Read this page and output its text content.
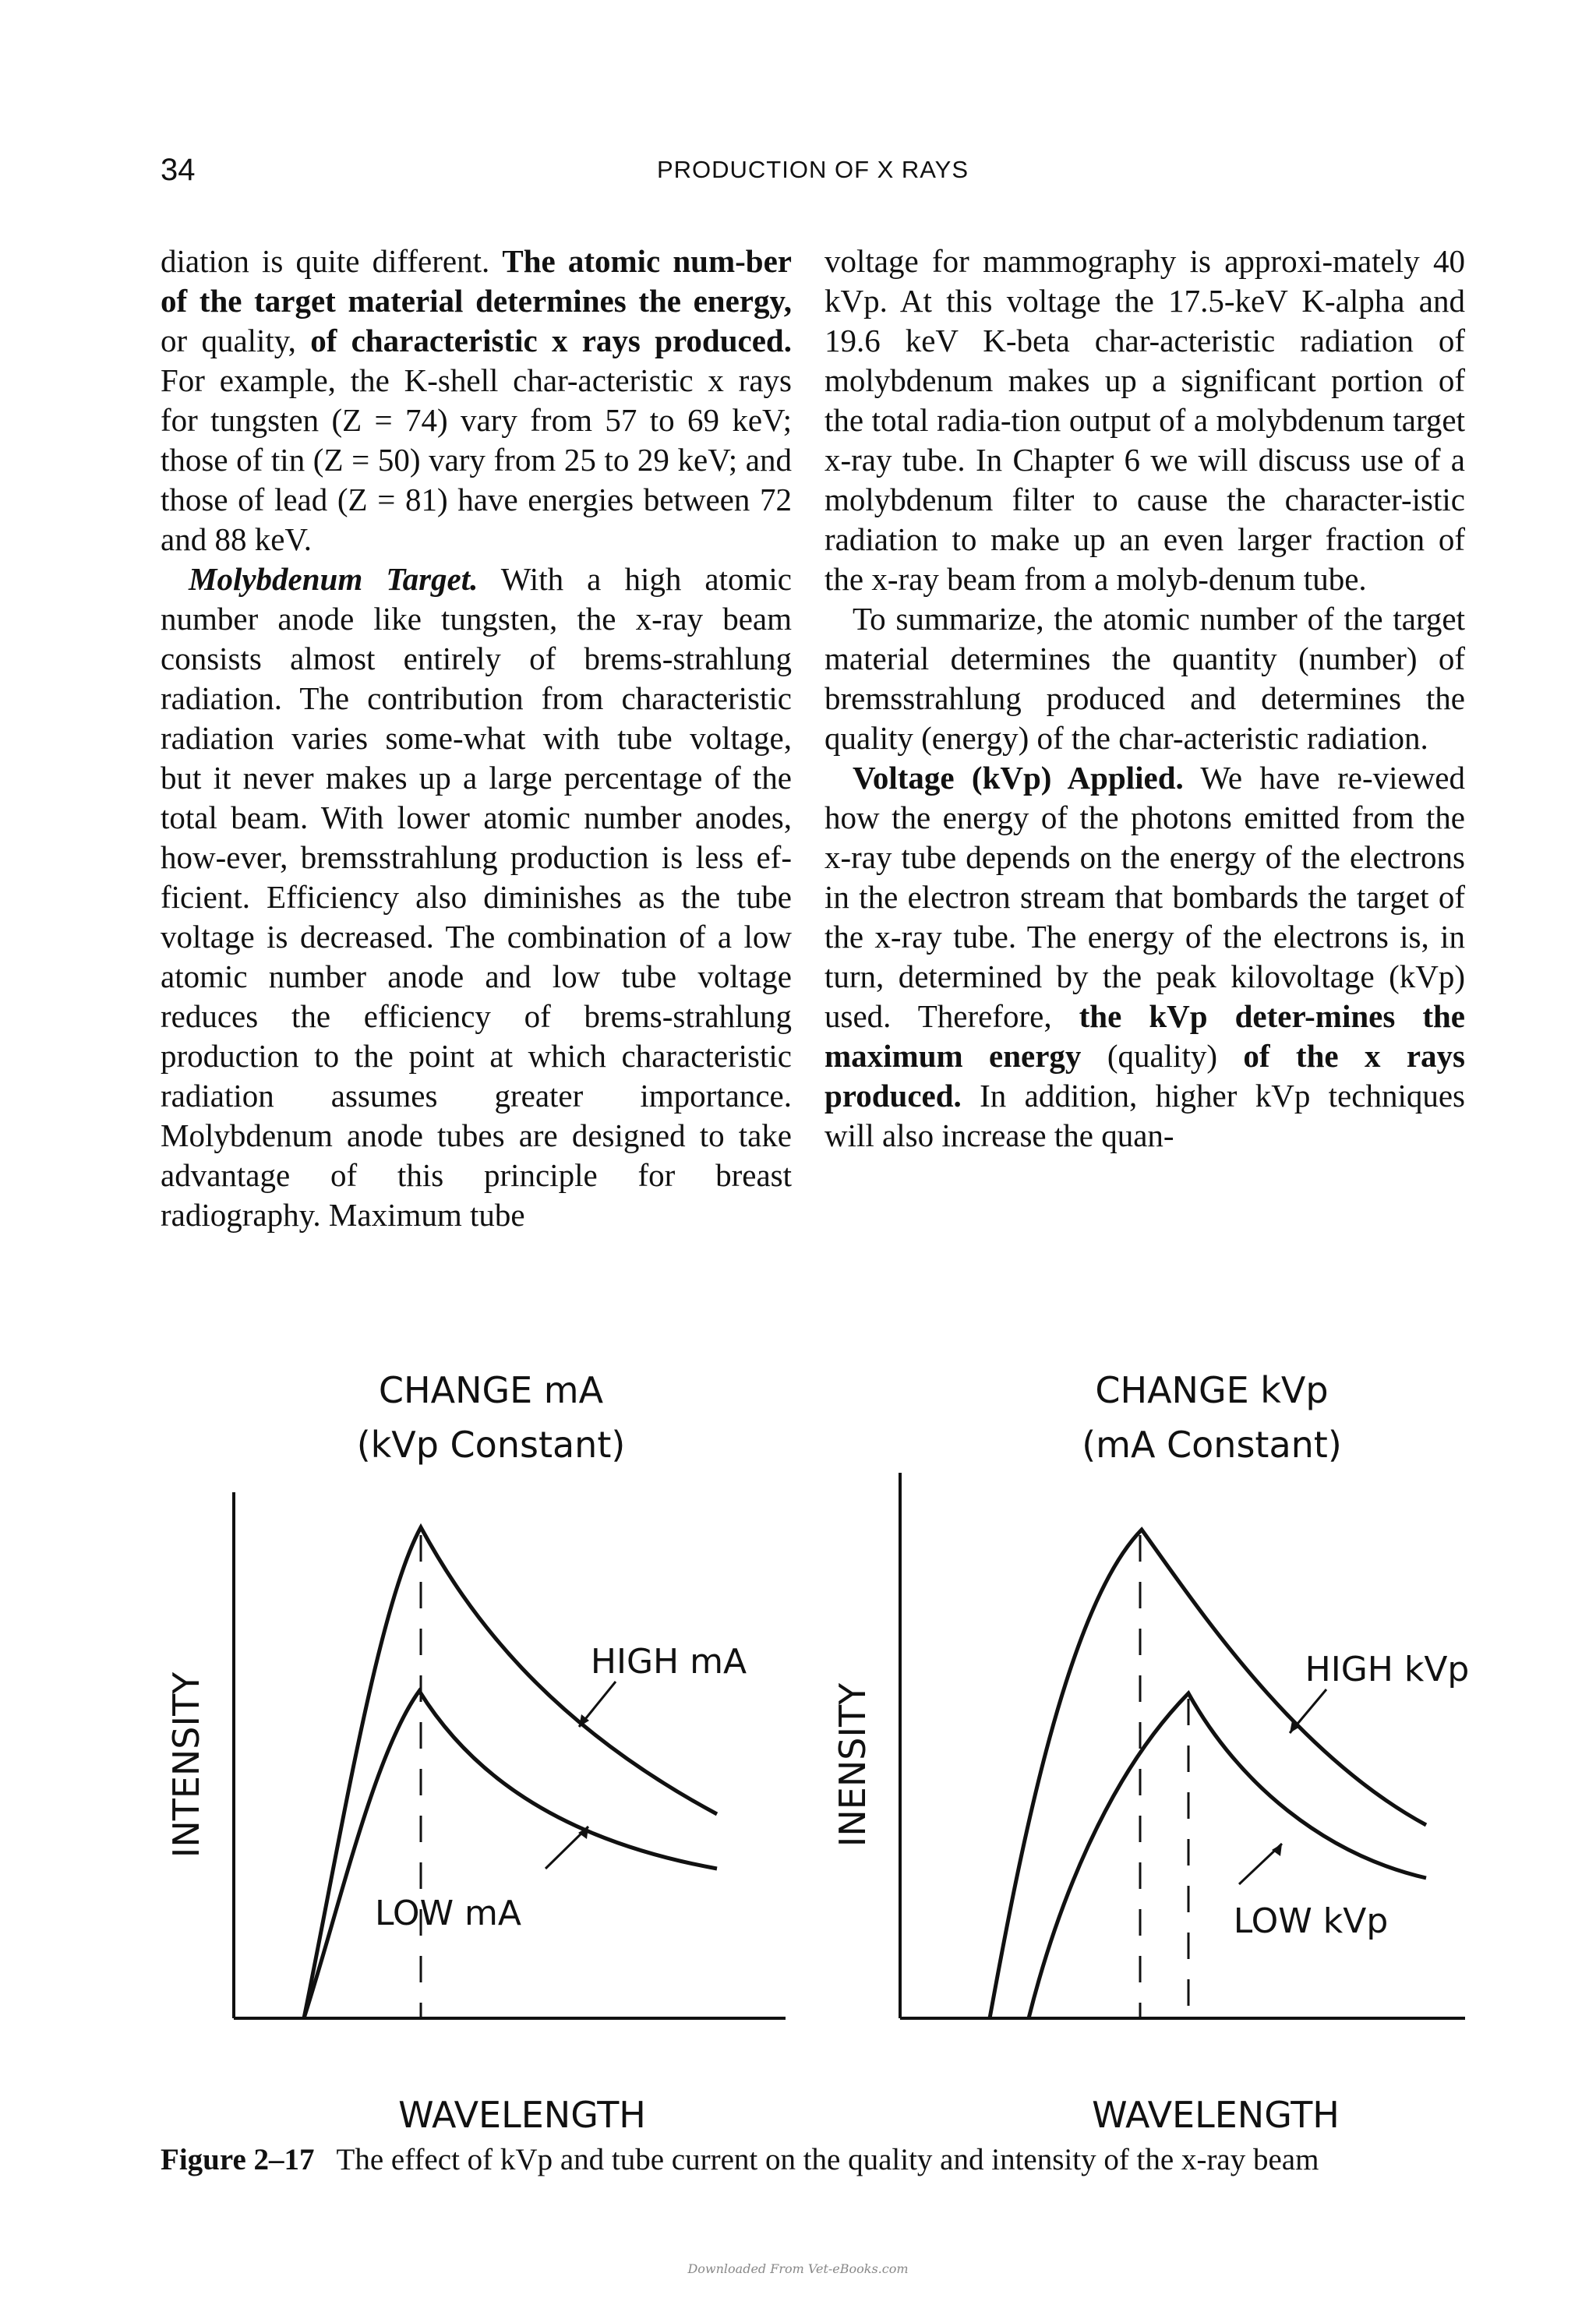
34	PRODUCTION OF X RAYS

diation is quite different. The atomic num-ber of the target material determines the energy, or quality, of characteristic x rays produced. For example, the K-shell char-acteristic x rays for tungsten (Z = 74) vary from 57 to 69 keV; those of tin (Z = 50) vary from 25 to 29 keV; and those of lead (Z = 81) have energies between 72 and 88 keV.

Molybdenum Target. With a high atomic number anode like tungsten, the x-ray beam consists almost entirely of brems-strahlung radiation. The contribution from characteristic radiation varies some-what with tube voltage, but it never makes up a large percentage of the total beam. With lower atomic number anodes, how-ever, bremsstrahlung production is less ef-ficient. Efficiency also diminishes as the tube voltage is decreased. The combination of a low atomic number anode and low tube voltage reduces the efficiency of brems-strahlung production to the point at which characteristic radiation assumes greater importance. Molybdenum anode tubes are designed to take advantage of this principle for breast radiography. Maximum tube

voltage for mammography is approxi-mately 40 kVp. At this voltage the 17.5-keV K-alpha and 19.6 keV K-beta char-acteristic radiation of molybdenum makes up a significant portion of the total radia-tion output of a molybdenum target x-ray tube. In Chapter 6 we will discuss use of a molybdenum filter to cause the character-istic radiation to make up an even larger fraction of the x-ray beam from a molyb-denum tube.

To summarize, the atomic number of the target material determines the quantity (number) of bremsstrahlung produced and determines the quality (energy) of the char-acteristic radiation.

Voltage (kVp) Applied. We have re-viewed how the energy of the photons emitted from the x-ray tube depends on the energy of the electrons in the electron stream that bombards the target of the x-ray tube. The energy of the electrons is, in turn, determined by the peak kilovoltage (kVp) used. Therefore, the kVp deter-mines the maximum energy (quality) of the x rays produced. In addition, higher kVp techniques will also increase the quan-

CHANGE mA
(kVp Constant)
INTENSITY
HIGH mA
LOW mA
WAVELENGTH
CHANGE kVp
(mA Constant)
INENSITY
HIGH kVp
LOW kVp
WAVELENGTH
Figure 2–17 The effect of kVp and tube current on the quality and intensity of the x-ray beam
Downloaded From Vet-eBooks.com
